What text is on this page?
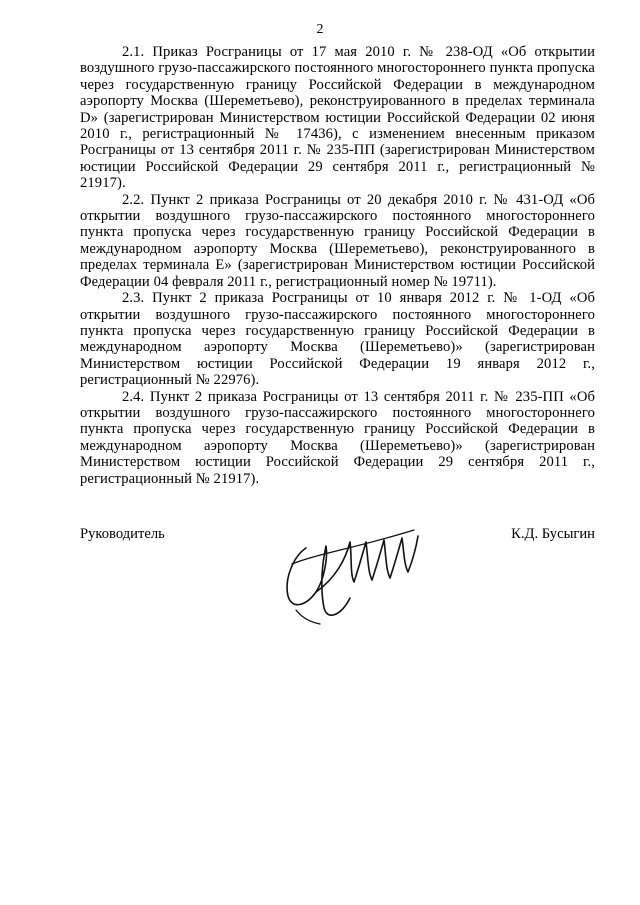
2

2.1. Приказ Росграницы от 17 мая 2010 г. № 238-ОД «Об открытии воздушного грузо-пассажирского постоянного многостороннего пункта пропуска через государственную границу Российской Федерации в международном аэропорту Москва (Шереметьево), реконструированного в пределах терминала D» (зарегистрирован Министерством юстиции Российской Федерации 02 июня 2010 г., регистрационный № 17436), с изменением внесенным приказом Росграницы от 13 сентября 2011 г. № 235-ПП (зарегистрирован Министерством юстиции Российской Федерации 29 сентября 2011 г., регистрационный № 21917).

2.2. Пункт 2 приказа Росграницы от 20 декабря 2010 г. № 431-ОД «Об открытии воздушного грузо-пассажирского постоянного многостороннего пункта пропуска через государственную границу Российской Федерации в международном аэропорту Москва (Шереметьево), реконструированного в пределах терминала Е» (зарегистрирован Министерством юстиции Российской Федерации 04 февраля 2011 г., регистрационный номер № 19711).

2.3. Пункт 2 приказа Росграницы от 10 января 2012 г. № 1-ОД «Об открытии воздушного грузо-пассажирского постоянного многостороннего пункта пропуска через государственную границу Российской Федерации в международном аэропорту Москва (Шереметьево)» (зарегистрирован Министерством юстиции Российской Федерации 19 января 2012 г., регистрационный № 22976).

2.4. Пункт 2 приказа Росграницы от 13 сентября 2011 г. № 235-ПП «Об открытии воздушного грузо-пассажирского постоянного многостороннего пункта пропуска через государственную границу Российской Федерации в международном аэропорту Москва (Шереметьево)» (зарегистрирован Министерством юстиции Российской Федерации 29 сентября 2011 г., регистрационный № 21917).

Руководитель	К.Д. Бусыгин
